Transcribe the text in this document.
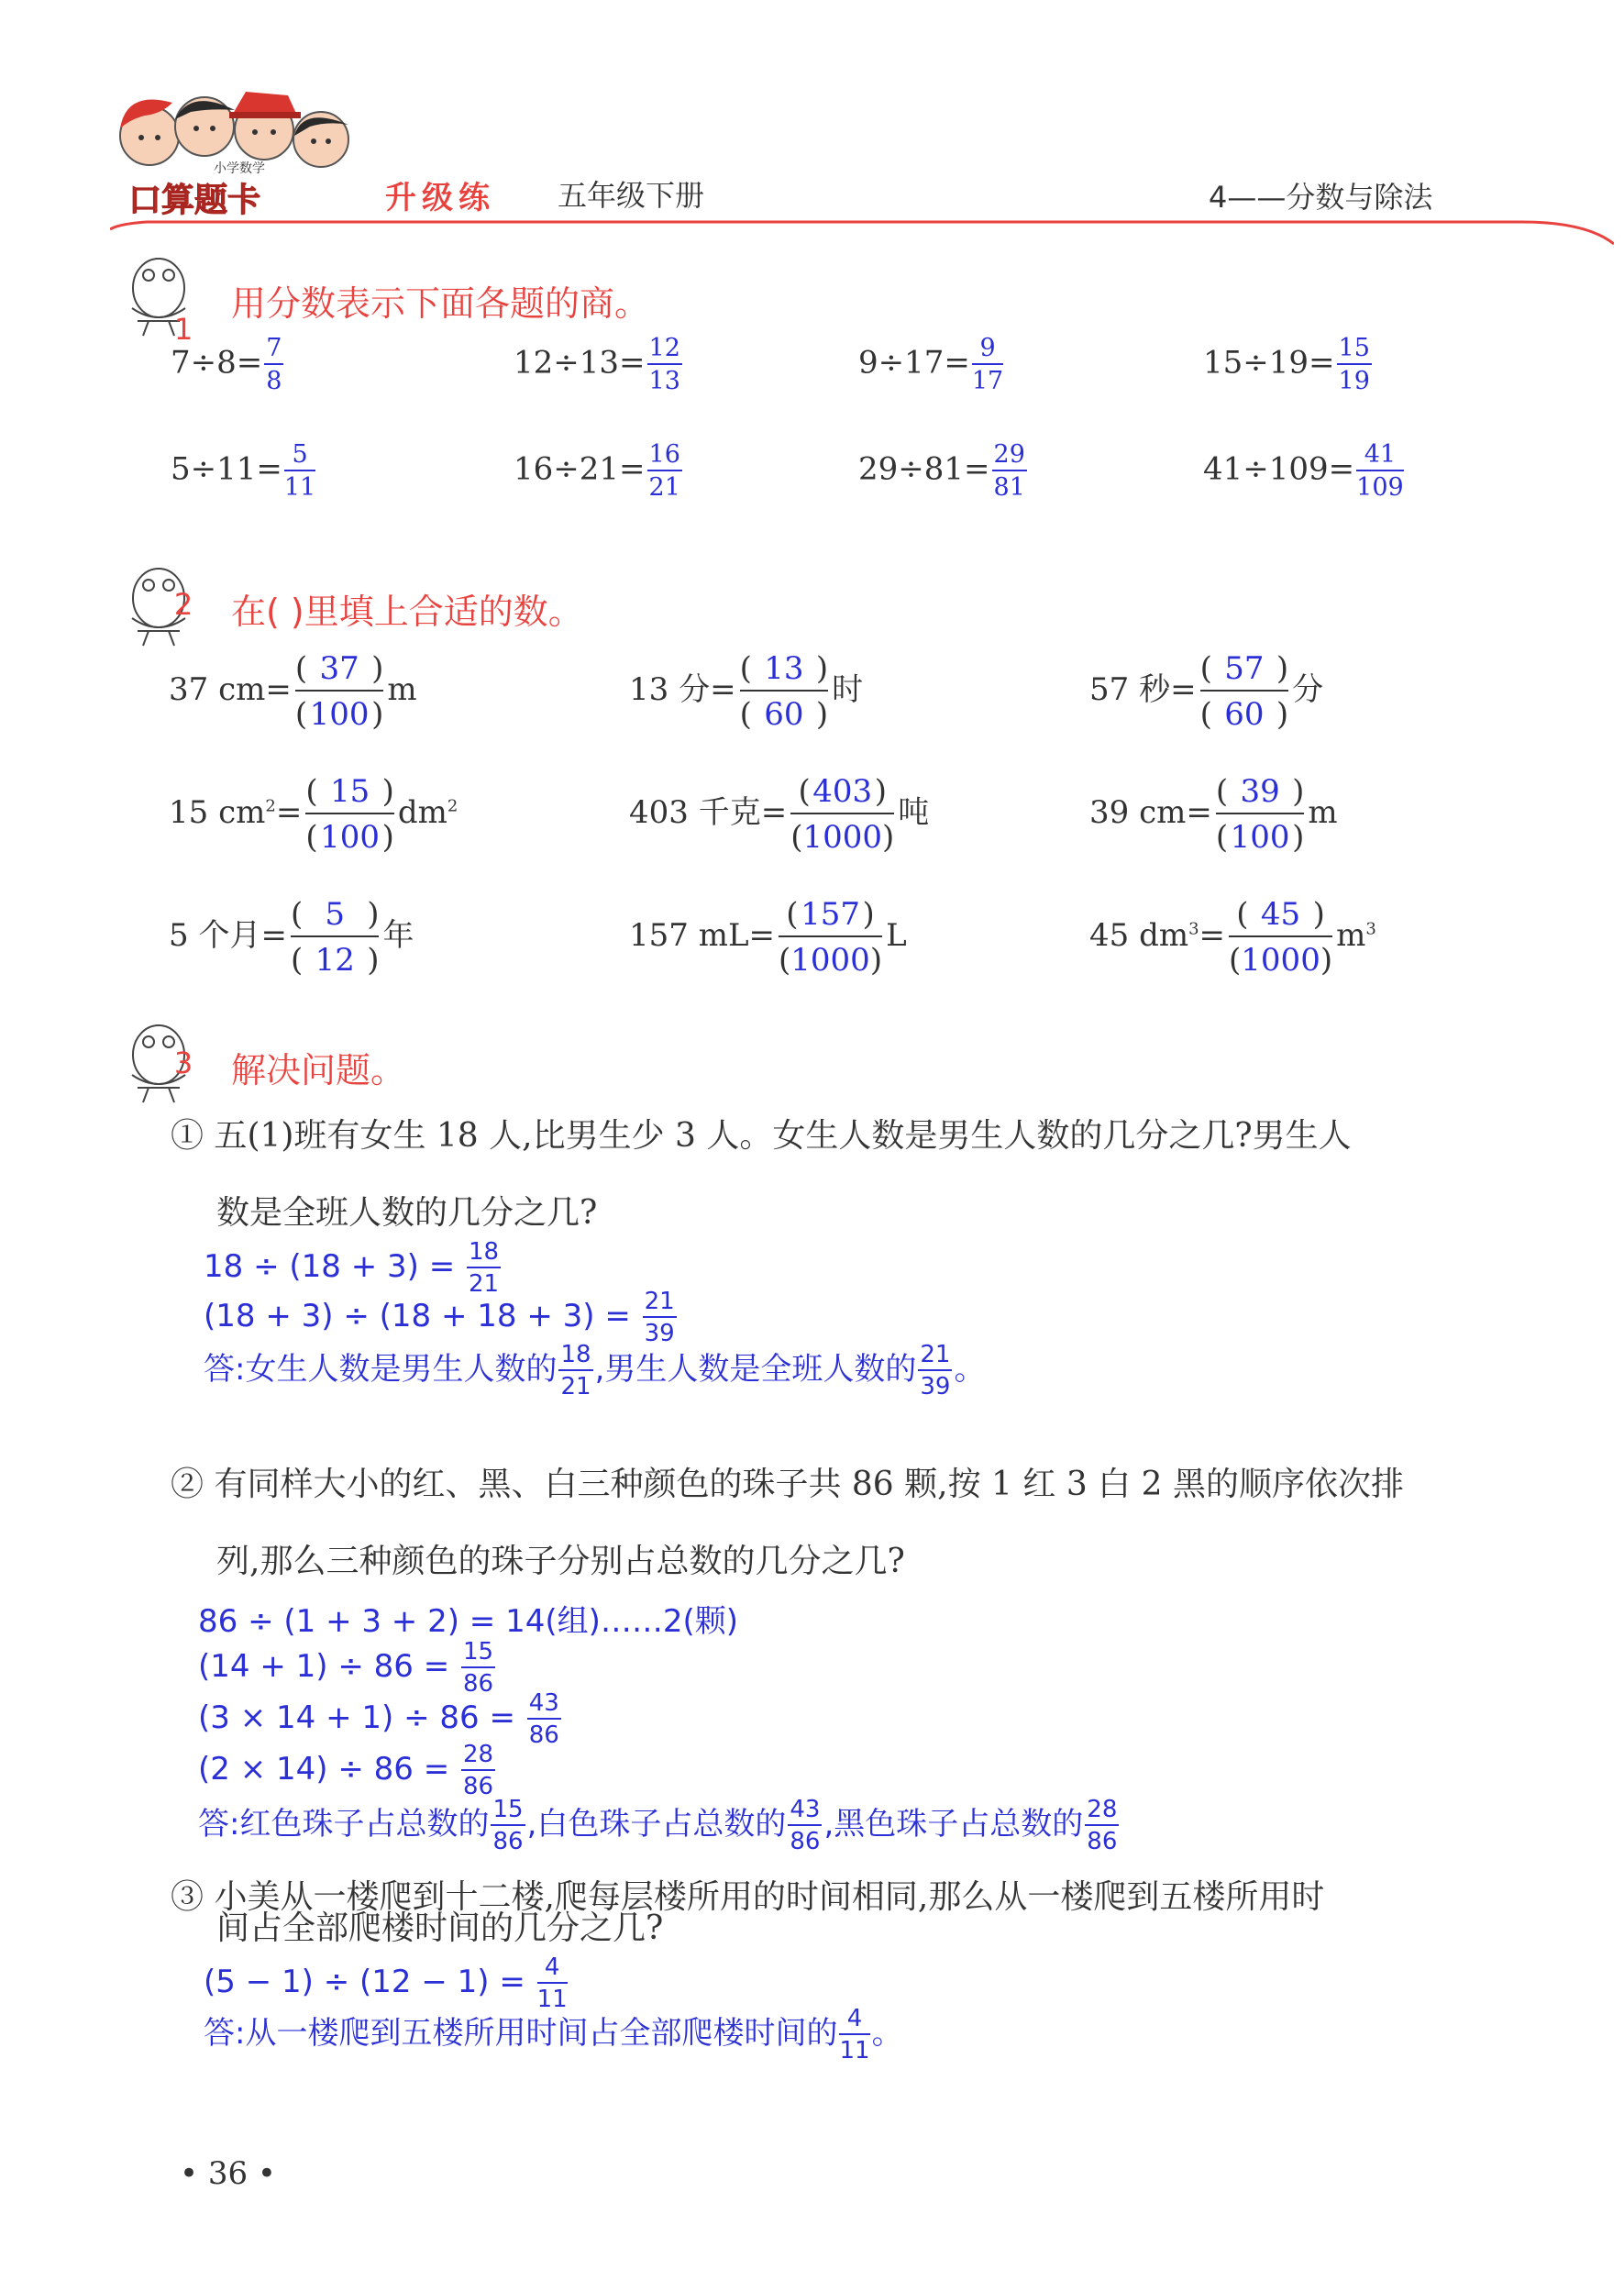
小学数学
口算题卡	升级练 五年级下册	4——分数与除法
1
用分数表示下面各题的商。
$7\div 8= \frac{7}{8}$	$12\div 13= \frac{12}{13}$	$9\div 17= \frac{9}{17}$	$15\div 19= \frac{15}{19}$
$5\div 11= \frac{5}{11}$	$16\div 21= \frac{16}{21}$	$29\div 81= \frac{29}{81}$	$41\div 109= \frac{41}{109}$
2 在( )里填上合适的数。
37 $cm= \frac{( 37 )}{(100)}$ m	13 分= $\frac{( 13 )}{( 60 )}$ 时	57 秒= $\frac{( 57 )}{( 60 )}$ 分
15 $cm^2= \frac{( 15 )}{(100)} dm^2$	403 千克= $\frac{(403)}{(1000)}$ 吨	39 $cm= \frac{( 39 )}{(100)}$ m
5 个月= $\frac{( 5 )}{( 12 )}$ 年	157 $mL= \frac{(157)}{(1000)}$ L	45 $dm^3= \frac{( 45 )}{(1000)} m^3$
3 解决问题。
① 五(1)班有女生 18 人,比男生少 3 人。女生人数是男生人数的几分之几?男生人
数是全班人数的几分之几?
$18 \div (18 + 3) = \frac{18}{21}$
$(18 + 3) \div (18 + 18 + 3) = \frac{21}{39}$
答:女生人数是男生人数的 $\frac{18}{21}$ ,男生人数是全班人数的 $\frac{21}{39}$ 。
② 有同样大小的红、黑、白三种颜色的珠子共 86 颗,按 1 红 3 白 2 黑的顺序依次排
列,那么三种颜色的珠子分别占总数的几分之几?
86 ÷ (1 + 3 + 2) = 14(组)……2(颗)
$(14 + 1) \div 86 = \frac{15}{86}$
$(3 \times 14 + 1) \div 86 = \frac{43}{86}$
$(2 \times 14) \div 86 = \frac{28}{86}$
答:红色珠子占总数的 $\frac{15}{86}$ ,白色珠子占总数的 $\frac{43}{86}$ ,黑色珠子占总数的 $\frac{28}{86}$
③ 小美从一楼爬到十二楼,爬每层楼所用的时间相同,那么从一楼爬到五楼所用时
间占全部爬楼时间的几分之几?
$(5 - 1) \div (12 - 1) = \frac{4}{11}$
答:从一楼爬到五楼所用时间占全部爬楼时间的 $\frac{4}{11}$ 。
• 36 •
